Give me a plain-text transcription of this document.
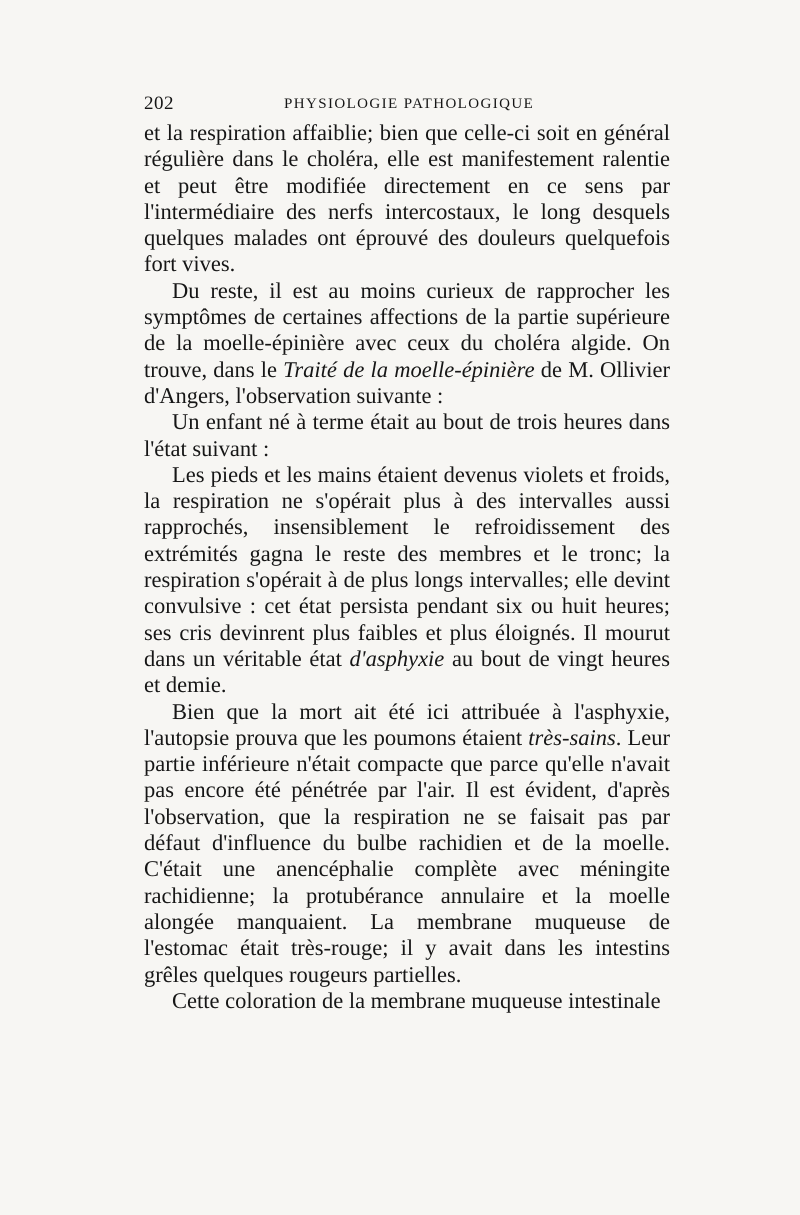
202	PHYSIOLOGIE PATHOLOGIQUE

et la respiration affaiblie; bien que celle-ci soit en général régulière dans le choléra, elle est manifestement ralentie et peut être modifiée directement en ce sens par l'intermédiaire des nerfs intercostaux, le long desquels quelques malades ont éprouvé des douleurs quelquefois fort vives.

Du reste, il est au moins curieux de rapprocher les symptômes de certaines affections de la partie supérieure de la moelle-épinière avec ceux du choléra algide. On trouve, dans le Traité de la moelle-épinière de M. Ollivier d'Angers, l'observation suivante :

Un enfant né à terme était au bout de trois heures dans l'état suivant :

Les pieds et les mains étaient devenus violets et froids, la respiration ne s'opérait plus à des intervalles aussi rapprochés, insensiblement le refroidissement des extrémités gagna le reste des membres et le tronc; la respiration s'opérait à de plus longs intervalles; elle devint convulsive : cet état persista pendant six ou huit heures; ses cris devinrent plus faibles et plus éloignés. Il mourut dans un véritable état d'asphyxie au bout de vingt heures et demie.

Bien que la mort ait été ici attribuée à l'asphyxie, l'autopsie prouva que les poumons étaient très-sains. Leur partie inférieure n'était compacte que parce qu'elle n'avait pas encore été pénétrée par l'air. Il est évident, d'après l'observation, que la respiration ne se faisait pas par défaut d'influence du bulbe rachidien et de la moelle. C'était une anencéphalie complète avec méningite rachidienne; la protubérance annulaire et la moelle alongée manquaient. La membrane muqueuse de l'estomac était très-rouge; il y avait dans les intestins grêles quelques rougeurs partielles.

Cette coloration de la membrane muqueuse intestinale
